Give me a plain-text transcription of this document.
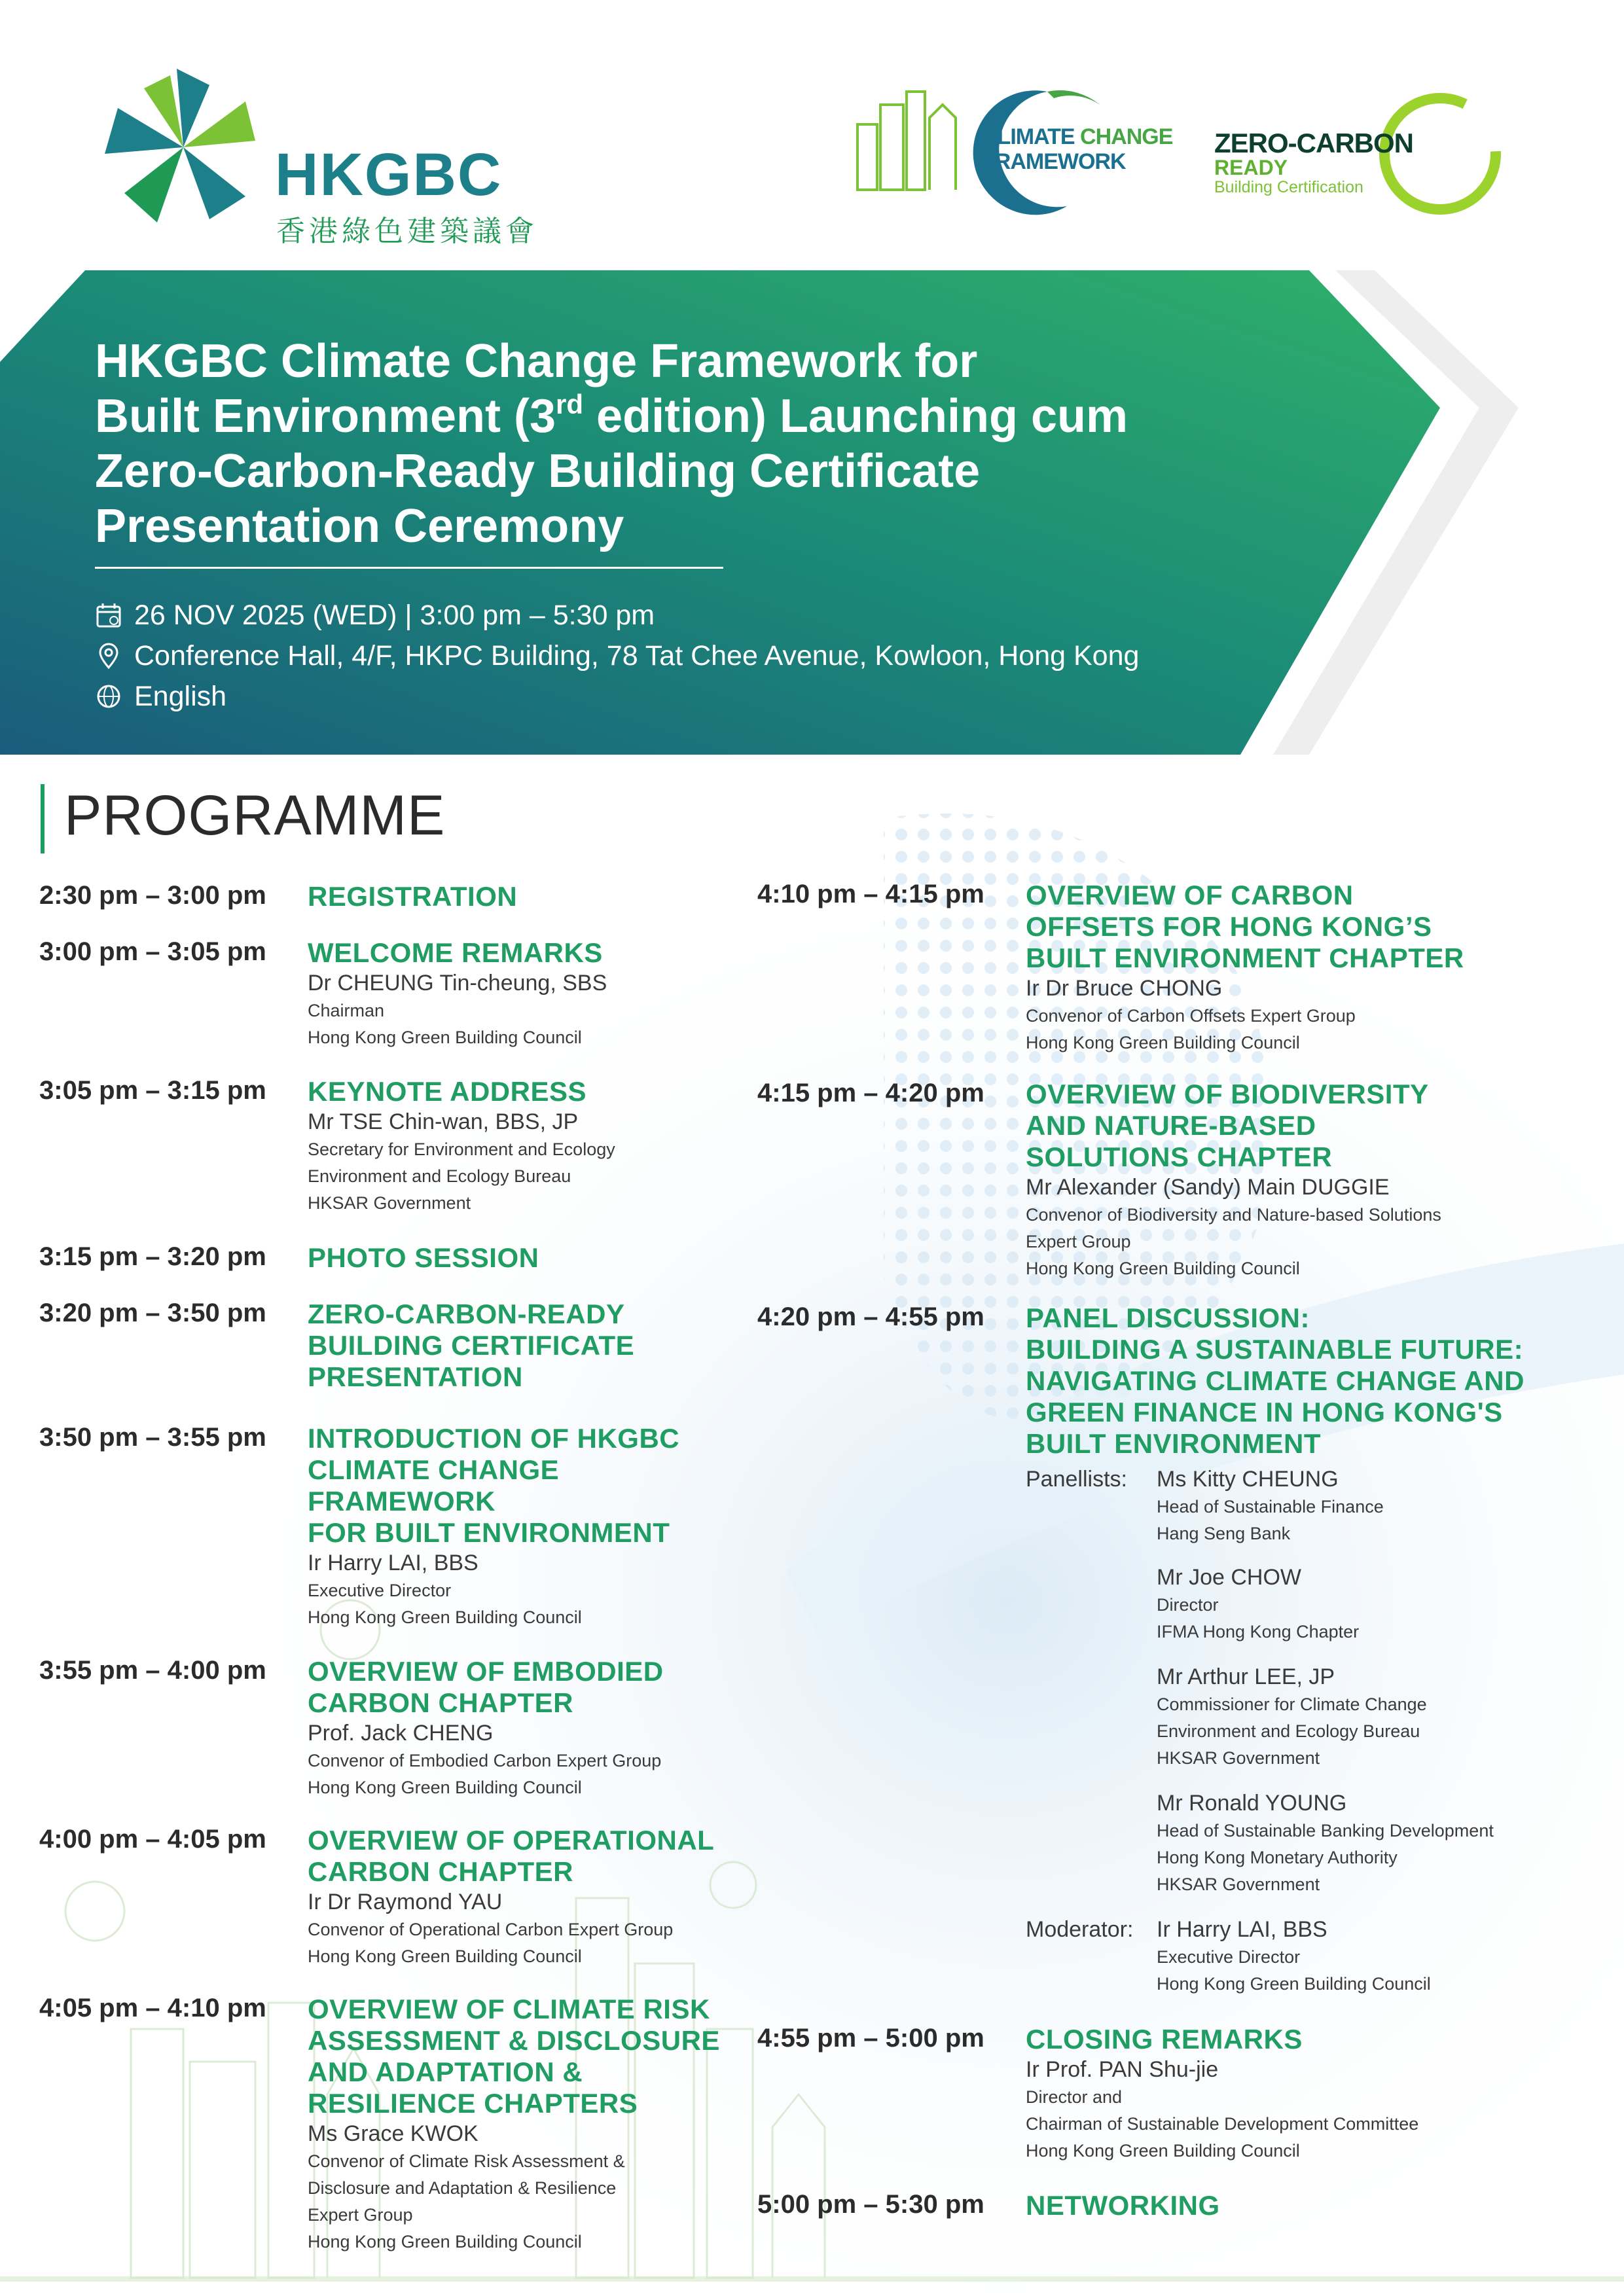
HKGBC
香港綠色建築議會
CLIMATE CHANGE
FRAMEWORK
ZERO-CARBON
READY
Building Certification
HKGBC Climate Change Framework for
Built Environment (3rd edition) Launching cum
Zero-Carbon-Ready Building Certificate
Presentation Ceremony
26 NOV 2025 (WED) | 3:00 pm – 5:30 pm
Conference Hall, 4/F, HKPC Building, 78 Tat Chee Avenue, Kowloon, Hong Kong
English
PROGRAMME
2:30 pm – 3:00 pm REGISTRATION
3:00 pm – 3:05 pm WELCOME REMARKS
Dr CHEUNG Tin-cheung, SBS
Chairman
Hong Kong Green Building Council
3:05 pm – 3:15 pm KEYNOTE ADDRESS
Mr TSE Chin-wan, BBS, JP
Secretary for Environment and Ecology
Environment and Ecology Bureau
HKSAR Government
3:15 pm – 3:20 pm PHOTO SESSION
3:20 pm – 3:50 pm ZERO-CARBON-READY
BUILDING CERTIFICATE
PRESENTATION
3:50 pm – 3:55 pm INTRODUCTION OF HKGBC
CLIMATE CHANGE
FRAMEWORK
FOR BUILT ENVIRONMENT
Ir Harry LAI, BBS
Executive Director
Hong Kong Green Building Council
3:55 pm – 4:00 pm OVERVIEW OF EMBODIED
CARBON CHAPTER
Prof. Jack CHENG
Convenor of Embodied Carbon Expert Group
Hong Kong Green Building Council
4:00 pm – 4:05 pm OVERVIEW OF OPERATIONAL
CARBON CHAPTER
Ir Dr Raymond YAU
Convenor of Operational Carbon Expert Group
Hong Kong Green Building Council
4:05 pm – 4:10 pm OVERVIEW OF CLIMATE RISK
ASSESSMENT & DISCLOSURE
AND ADAPTATION &
RESILIENCE CHAPTERS
Ms Grace KWOK
Convenor of Climate Risk Assessment &
Disclosure and Adaptation & Resilience
Expert Group
Hong Kong Green Building Council
4:10 pm – 4:15 pm OVERVIEW OF CARBON
OFFSETS FOR HONG KONG’S
BUILT ENVIRONMENT CHAPTER
Ir Dr Bruce CHONG
Convenor of Carbon Offsets Expert Group
Hong Kong Green Building Council
4:15 pm – 4:20 pm OVERVIEW OF BIODIVERSITY
AND NATURE-BASED
SOLUTIONS CHAPTER
Mr Alexander (Sandy) Main DUGGIE
Convenor of Biodiversity and Nature-based Solutions
Expert Group
Hong Kong Green Building Council
4:20 pm – 4:55 pm PANEL DISCUSSION:
BUILDING A SUSTAINABLE FUTURE:
NAVIGATING CLIMATE CHANGE AND
GREEN FINANCE IN HONG KONG'S
BUILT ENVIRONMENT
Panellists: Ms Kitty CHEUNG
Head of Sustainable Finance
Hang Seng Bank
Mr Joe CHOW
Director
IFMA Hong Kong Chapter
Mr Arthur LEE, JP
Commissioner for Climate Change
Environment and Ecology Bureau
HKSAR Government
Mr Ronald YOUNG
Head of Sustainable Banking Development
Hong Kong Monetary Authority
HKSAR Government
Moderator: Ir Harry LAI, BBS
Executive Director
Hong Kong Green Building Council
4:55 pm – 5:00 pm CLOSING REMARKS
Ir Prof. PAN Shu-jie
Director and
Chairman of Sustainable Development Committee
Hong Kong Green Building Council
5:00 pm – 5:30 pm NETWORKING
